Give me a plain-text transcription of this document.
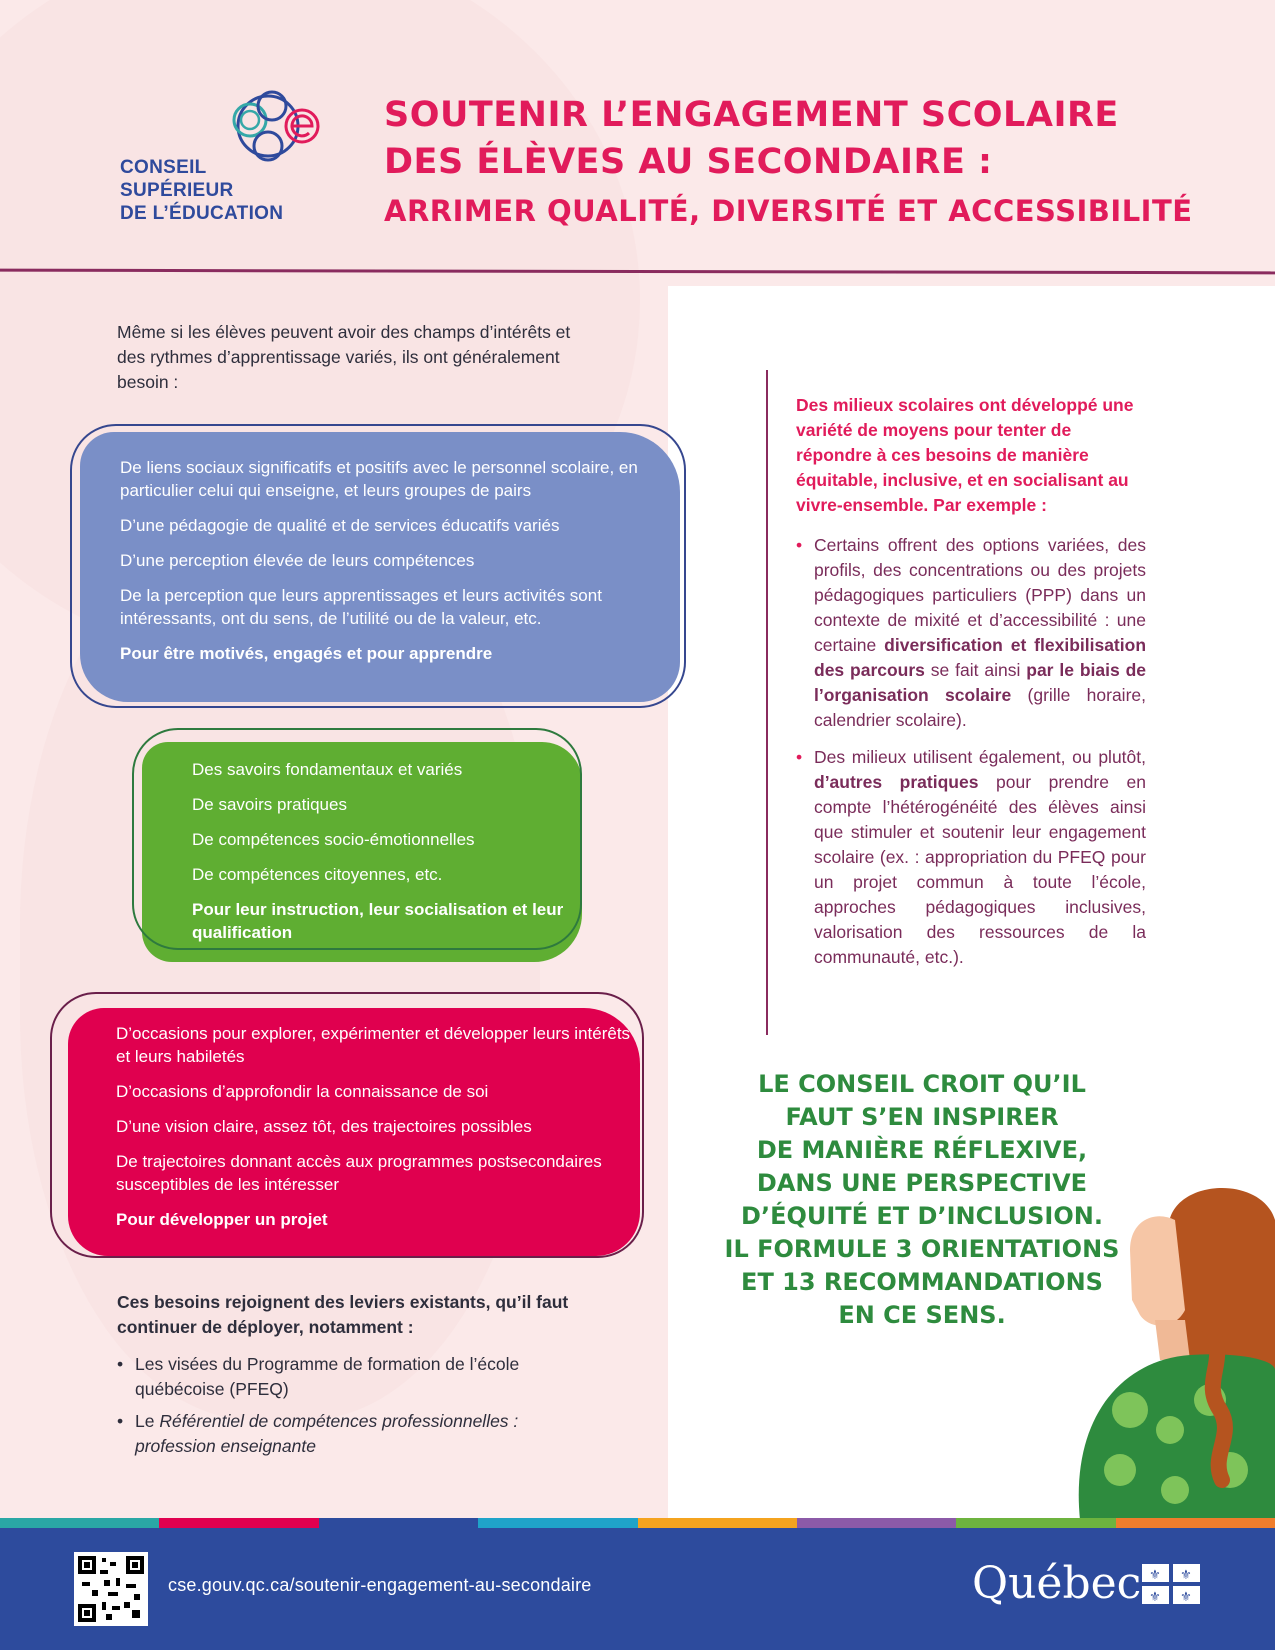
CONSEIL
SUPÉRIEUR
DE L’ÉDUCATION
SOUTENIR L’ENGAGEMENT SCOLAIRE
DES ÉLÈVES AU SECONDAIRE :
ARRIMER QUALITÉ, DIVERSITÉ ET ACCESSIBILITÉ

Même si les élèves peuvent avoir des champs d’intérêts et des rythmes d’apprentissage variés, ils ont généralement besoin :

De liens sociaux significatifs et positifs avec le personnel scolaire, en particulier celui qui enseigne, et leurs groupes de pairs

D’une pédagogie de qualité et de services éducatifs variés

D’une perception élevée de leurs compétences

De la perception que leurs apprentissages et leurs activités sont intéressants, ont du sens, de l’utilité ou de la valeur, etc.

Pour être motivés, engagés et pour apprendre

Des savoirs fondamentaux et variés

De savoirs pratiques

De compétences socio-émotionnelles

De compétences citoyennes, etc.

Pour leur instruction, leur socialisation et leur qualification

D’occasions pour explorer, expérimenter et développer leurs intérêts et leurs habiletés

D’occasions d’approfondir la connaissance de soi

D’une vision claire, assez tôt, des trajectoires possibles

De trajectoires donnant accès aux programmes postsecondaires susceptibles de les intéresser

Pour développer un projet

Ces besoins rejoignent des leviers existants, qu’il faut continuer de déployer, notamment :

• Les visées du Programme de formation de l’école québécoise (PFEQ)
• Le Référentiel de compétences professionnelles : profession enseignante

Des milieux scolaires ont développé une variété de moyens pour tenter de répondre à ces besoins de manière équitable, inclusive, et en socialisant au vivre-ensemble. Par exemple :

• Certains offrent des options variées, des profils, des concentrations ou des projets pédagogiques particuliers (PPP) dans un contexte de mixité et d’accessibilité : une certaine diversification et flexibilisation des parcours se fait ainsi par le biais de l’organisation scolaire (grille horaire, calendrier scolaire).
• Des milieux utilisent également, ou plutôt, d’autres pratiques pour prendre en compte l’hétérogénéité des élèves ainsi que stimuler et soutenir leur engagement scolaire (ex. : appropriation du PFEQ pour un projet commun à toute l’école, approches pédagogiques inclusives, valorisation des ressources de la communauté, etc.).
LE CONSEIL CROIT QU’IL
FAUT S’EN INSPIRER
DE MANIÈRE RÉFLEXIVE,
DANS UNE PERSPECTIVE
D’ÉQUITÉ ET D’INCLUSION.
IL FORMULE 3 ORIENTATIONS
ET 13 RECOMMANDATIONS
EN CE SENS.
cse.gouv.qc.ca/soutenir-engagement-au-secondaire	Québec ⚜ ⚜
⚜ ⚜
